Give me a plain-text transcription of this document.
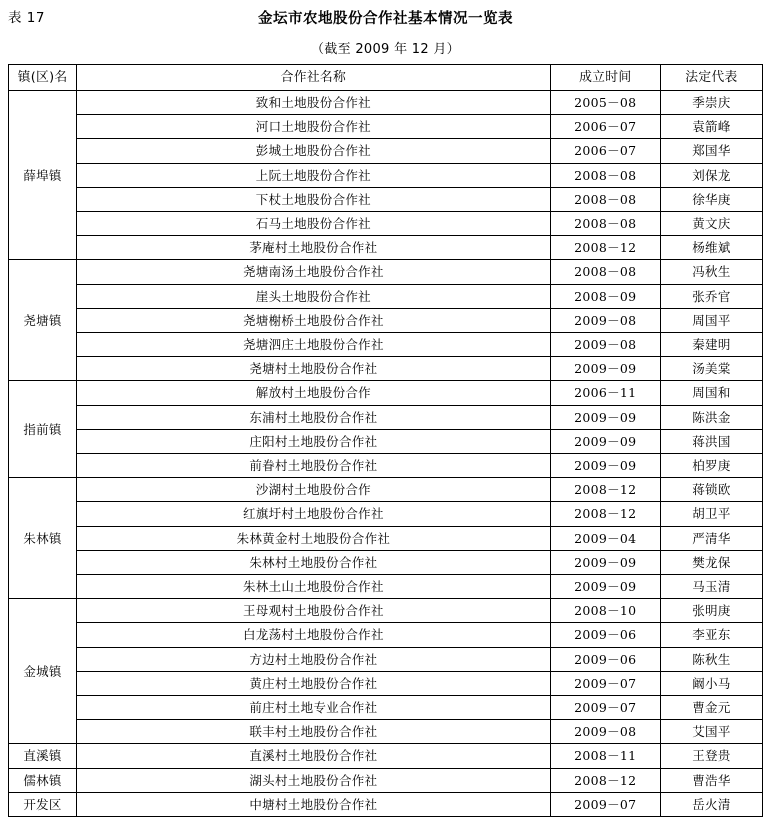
表 17	金坛市农地股份合作社基本情况一览表
（截至 2009 年 12 月）
镇(区)名	合作社名称	成立时间	法定代表
薛埠镇	致和土地股份合作社	2005－08	季崇庆
	河口土地股份合作社	2006－07	袁箭峰
	彭城土地股份合作社	2006－07	郑国华
	上阮土地股份合作社	2008－08	刘保龙
	下杖土地股份合作社	2008－08	徐华庚
	石马土地股份合作社	2008－08	黄文庆
	茅庵村土地股份合作社	2008－12	杨维斌
尧塘镇	尧塘南汤土地股份合作社	2008－08	冯秋生
	崖头土地股份合作社	2008－09	张乔官
	尧塘榭桥土地股份合作社	2009－08	周国平
	尧塘泗庄土地股份合作社	2009－08	秦建明
	尧塘村土地股份合作社	2009－09	汤美棠
指前镇	解放村土地股份合作	2006－11	周国和
	东浦村土地股份合作社	2009－09	陈洪金
	庄阳村土地股份合作社	2009－09	蒋洪国
	前眷村土地股份合作社	2009－09	柏罗庚
朱林镇	沙湖村土地股份合作	2008－12	蒋锁欧
	红旗圩村土地股份合作社	2008－12	胡卫平
	朱林黄金村土地股份合作社	2009－04	严清华
	朱林村土地股份合作社	2009－09	樊龙保
	朱林土山土地股份合作社	2009－09	马玉清
金城镇	王母观村土地股份合作社	2008－10	张明庚
	白龙荡村土地股份合作社	2009－06	李亚东
	方边村土地股份合作社	2009－06	陈秋生
	黄庄村土地股份合作社	2009－07	阚小马
	前庄村土地专业合作社	2009－07	曹金元
	联丰村土地股份合作社	2009－08	艾国平
直溪镇	直溪村土地股份合作社	2008－11	王登贵
儒林镇	湖头村土地股份合作社	2008－12	曹浩华
开发区	中塘村土地股份合作社	2009－07	岳火清
